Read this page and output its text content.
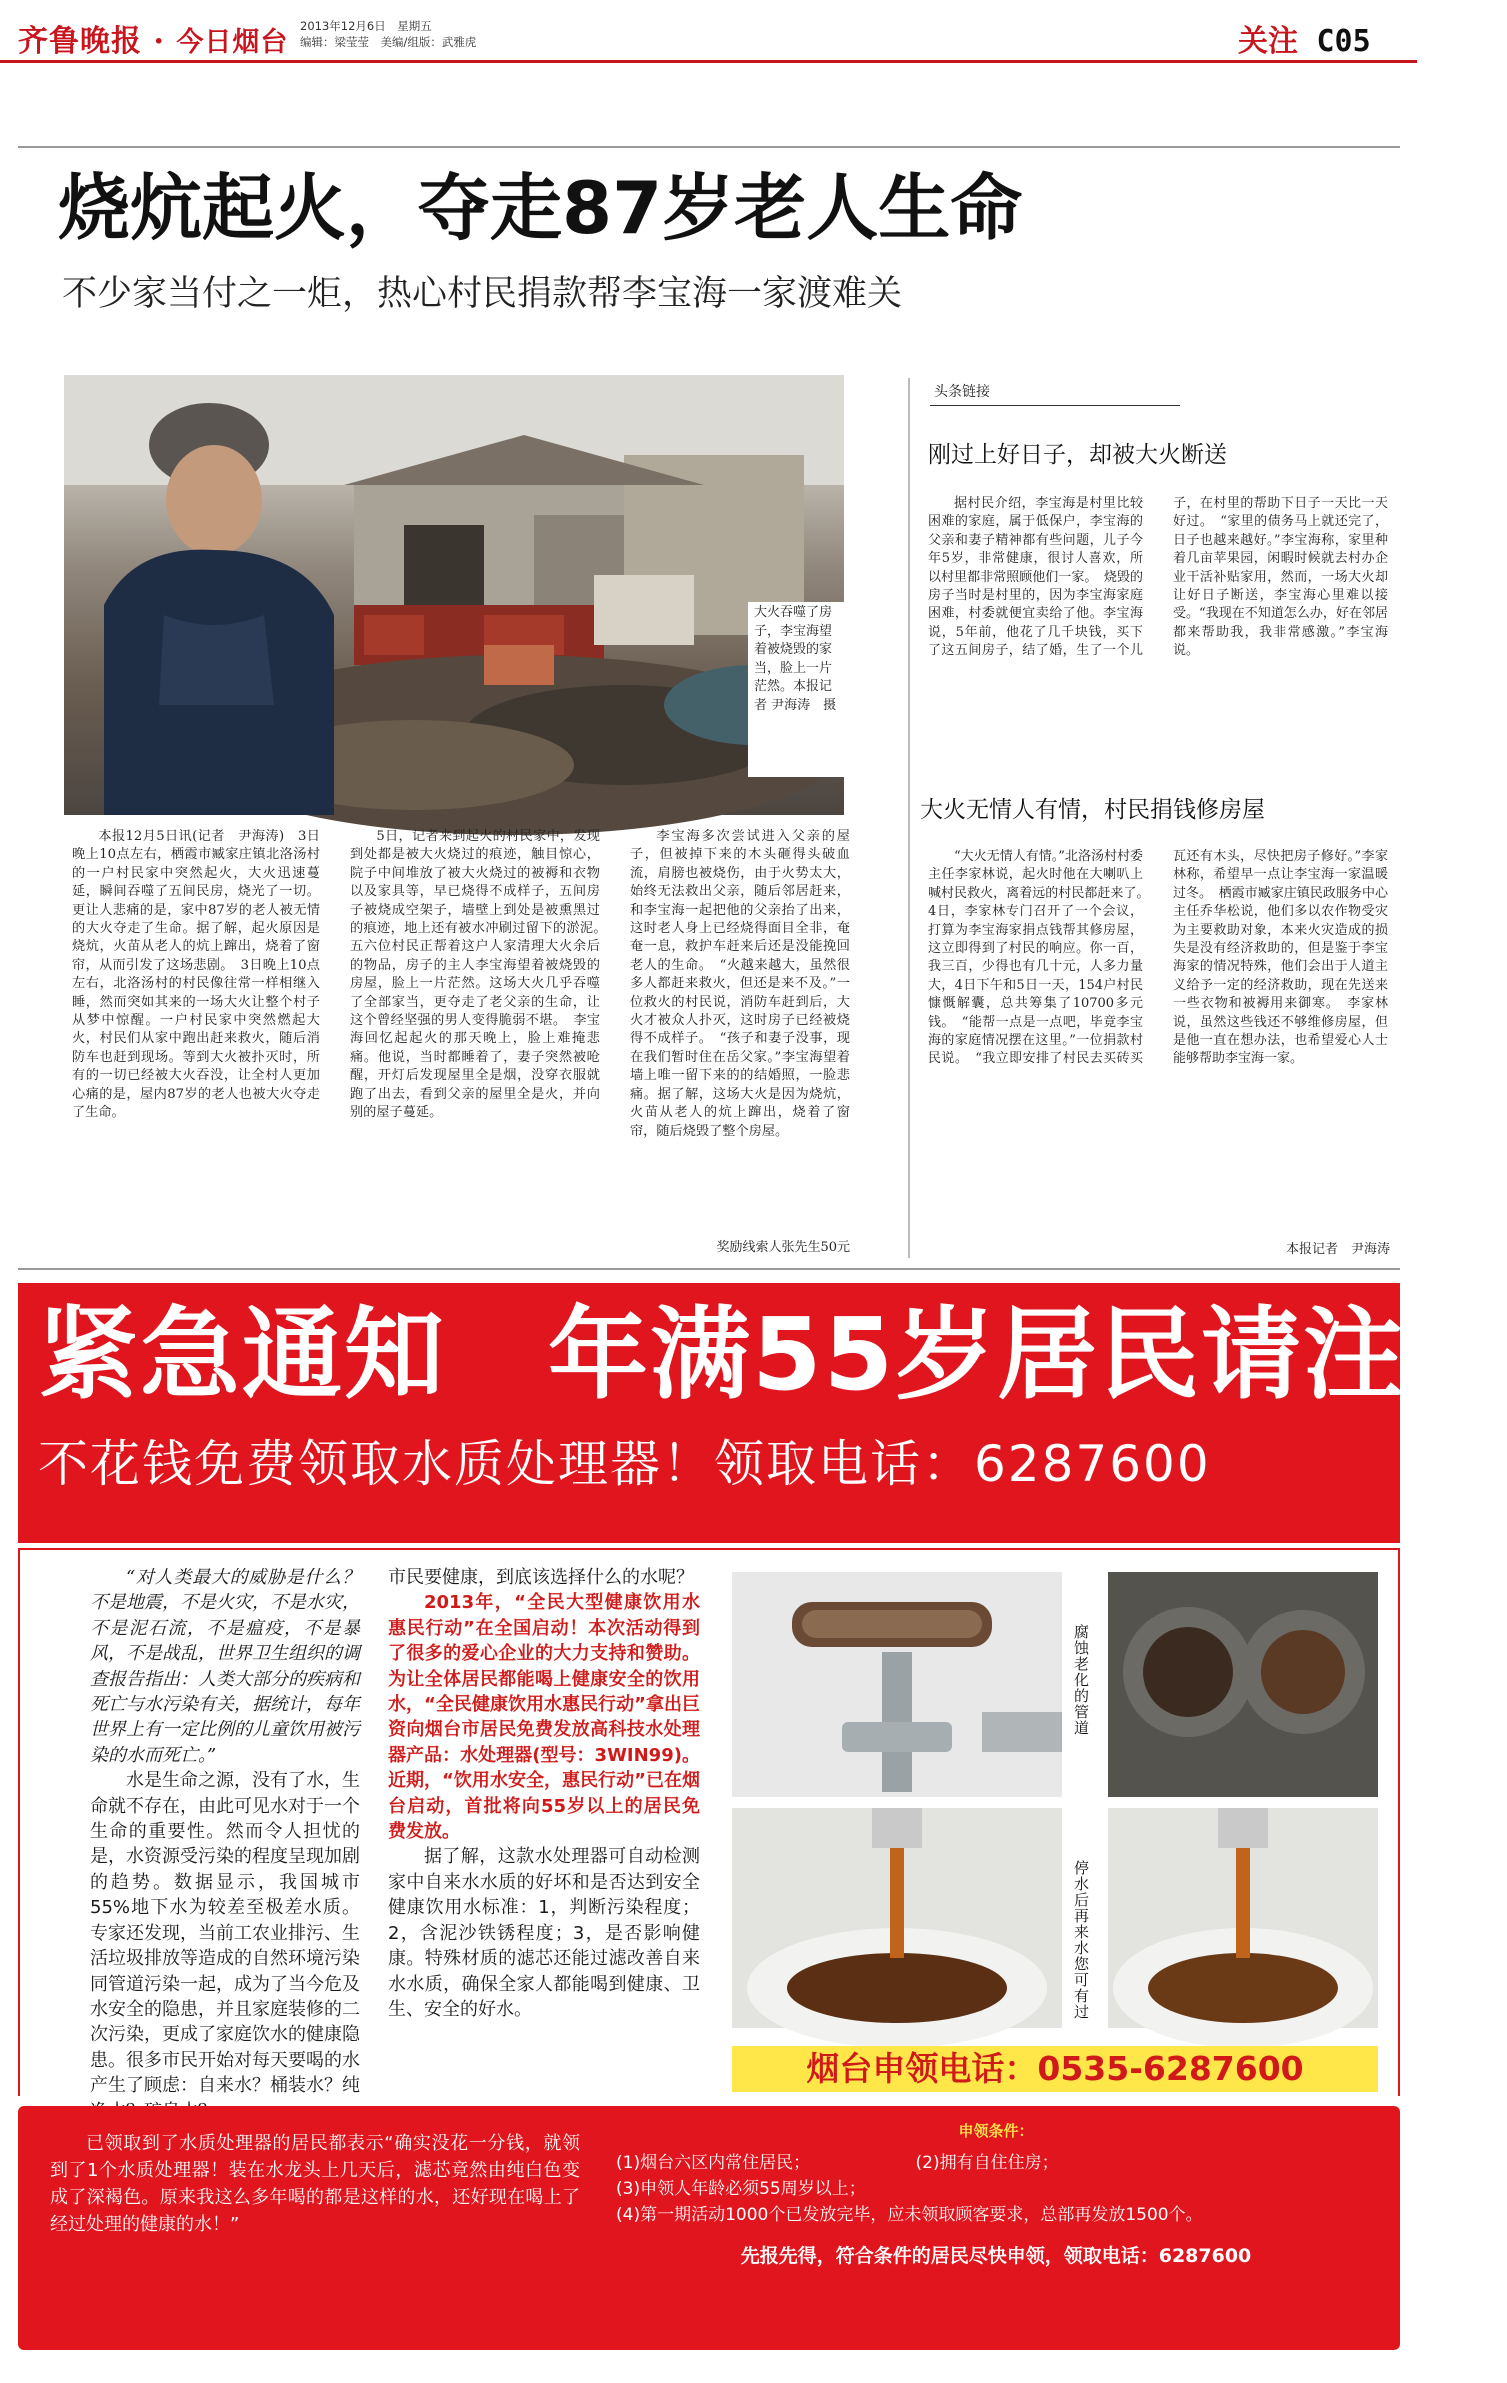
齐鲁晚报 · 今日烟台
2013年12月6日　 星期五
编辑：梁莹莹　 美编/组版：武雅虎	关注 C05
烧炕起火，夺走87岁老人生命
不少家当付之一炬，热心村民捐款帮李宝海一家渡难关
大火吞噬了房子，李宝海望着被烧毁的家当，脸上一片茫然。本报记者 尹海涛　摄

本报12月5日讯(记者　尹海涛)　3日晚上10点左右，栖霞市臧家庄镇北洛汤村的一户村民家中突然起火，大火迅速蔓延，瞬间吞噬了五间民房，烧光了一切。更让人悲痛的是，家中87岁的老人被无情的大火夺走了生命。据了解，起火原因是烧炕，火苗从老人的炕上蹿出，烧着了窗帘，从而引发了这场悲剧。　3日晚上10点左右，北洛汤村的村民像往常一样相继入睡，然而突如其来的一场大火让整个村子从梦中惊醒。一户村民家中突然燃起大火，村民们从家中跑出赶来救火，随后消防车也赶到现场。等到大火被扑灭时，所有的一切已经被大火吞没，让全村人更加心痛的是，屋内87岁的老人也被大火夺走了生命。

5日，记者来到起火的村民家中，发现到处都是被大火烧过的痕迹，触目惊心，院子中间堆放了被大火烧过的被褥和衣物以及家具等，早已烧得不成样子，五间房子被烧成空架子，墙壁上到处是被熏黑过的痕迹，地上还有被水冲刷过留下的淤泥。　五六位村民正帮着这户人家清理大火余后的物品，房子的主人李宝海望着被烧毁的房屋，脸上一片茫然。这场大火几乎吞噬了全部家当，更夺走了老父亲的生命，让这个曾经坚强的男人变得脆弱不堪。　李宝海回忆起起火的那天晚上，脸上难掩悲痛。他说，当时都睡着了，妻子突然被呛醒，开灯后发现屋里全是烟，没穿衣服就跑了出去，看到父亲的屋里全是火，并向别的屋子蔓延。

李宝海多次尝试进入父亲的屋子，但被掉下来的木头砸得头破血流，肩膀也被烧伤，由于火势太大，始终无法救出父亲，随后邻居赶来，和李宝海一起把他的父亲抬了出来，这时老人身上已经烧得面目全非，奄奄一息，救护车赶来后还是没能挽回老人的生命。　“火越来越大，虽然很多人都赶来救火，但还是来不及。”一位救火的村民说，消防车赶到后，大火才被众人扑灭，这时房子已经被烧得不成样子。　“孩子和妻子没事，现在我们暂时住在岳父家。”李宝海望着墙上唯一留下来的的结婚照，一脸悲痛。据了解，这场大火是因为烧炕，火苗从老人的炕上蹿出，烧着了窗帘，随后烧毁了整个房屋。

奖励线索人张先生50元
头条链接
刚过上好日子，却被大火断送

据村民介绍，李宝海是村里比较困难的家庭，属于低保户，李宝海的父亲和妻子精神都有些问题，儿子今年5岁，非常健康，很讨人喜欢，所以村里都非常照顾他们一家。　烧毁的房子当时是村里的，因为李宝海家庭困难，村委就便宜卖给了他。李宝海说，5年前，他花了几千块钱，买下了这五间房子，结了婚，生了一个儿子，在村里的帮助下日子一天比一天好过。　“家里的债务马上就还完了，日子也越来越好。”李宝海称，家里种着几亩苹果园，闲暇时候就去村办企业干活补贴家用，然而，一场大火却让好日子断送，李宝海心里难以接受。“我现在不知道怎么办，好在邻居都来帮助我，我非常感激。”李宝海说。

大火无情人有情，村民捐钱修房屋

“大火无情人有情。”北洛汤村村委主任李家林说，起火时他在大喇叭上喊村民救火，离着远的村民都赶来了。　4日，李家林专门召开了一个会议，打算为李宝海家捐点钱帮其修房屋，这立即得到了村民的响应。你一百，我三百，少得也有几十元，人多力量大，4日下午和5日一天，154户村民慷慨解囊，总共筹集了10700多元钱。　“能帮一点是一点吧，毕竟李宝海的家庭情况摆在这里。”一位捐款村民说。　“我立即安排了村民去买砖买瓦还有木头，尽快把房子修好。”李家林称，希望早一点让李宝海一家温暖过冬。　栖霞市臧家庄镇民政服务中心主任乔华松说，他们多以农作物受灾为主要救助对象，本来火灾造成的损失是没有经济救助的，但是鉴于李宝海家的情况特殊，他们会出于人道主义给予一定的经济救助，现在先送来一些衣物和被褥用来御寒。　李家林说，虽然这些钱还不够维修房屋，但是他一直在想办法，也希望爱心人士能够帮助李宝海一家。

本报记者　尹海涛
紧急通知　年满55岁居民请注意
不花钱免费领取水质处理器！领取电话：6287600

“对人类最大的威胁是什么？不是地震，不是火灾，不是水灾，不是泥石流，不是瘟疫，不是暴风，不是战乱，世界卫生组织的调查报告指出：人类大部分的疾病和死亡与水污染有关，据统计，每年世界上有一定比例的儿童饮用被污染的水而死亡。”

水是生命之源，没有了水，生命就不存在，由此可见水对于一个生命的重要性。然而令人担忧的是，水资源受污染的程度呈现加剧的趋势。数据显示，我国城市55%地下水为较差至极差水质。专家还发现，当前工农业排污、生活垃圾排放等造成的自然环境污染同管道污染一起，成为了当今危及水安全的隐患，并且家庭装修的二次污染，更成了家庭饮水的健康隐患。很多市民开始对每天要喝的水产生了顾虑：自来水？桶装水？纯

市民要健康，到底该选择什么的水呢？

2013年，“全民大型健康饮用水惠民行动”在全国启动！本次活动得到了很多的爱心企业的大力支持和赞助。为让全体居民都能喝上健康安全的饮用水，“全民健康饮用水惠民行动”拿出巨资向烟台市居民免费发放高科技水处理器产品：水处理器(型号：3WIN99)。近期，“饮用水安全，惠民行动”已在烟台启动，首批将向55岁以上的居民免费发放。

据了解，这款水处理器可自动检测家中自来水水质的好坏和是否达到安全健康饮用水标准：1，判断污染程度；2，含泥沙铁锈程度；3，是否影响健康。特殊材质的滤芯还能过滤改善自来水水质，确保全家人都能喝到健康、卫生、安全的好水。

腐蚀老化的管道
停水后再来水您可有过
烟台申领电话：0535-6287600
已领取到了水质处理器的居民都表示“确实没花一分钱，就领到了1个水质处理器！装在水龙头上几天后，滤芯竟然由纯白色变成了深褐色。原来我这么多年喝的都是这样的水，还好现在喝上了经过处理的健康的水！”
申领条件：
(1)烟台六区内常住居民；	(2)拥有自住住房；
(3)申领人年龄必须55周岁以上；
(4)第一期活动1000个已发放完毕，应未领取顾客要求，总部再发放1500个。
先报先得，符合条件的居民尽快申领，领取电话：6287600
